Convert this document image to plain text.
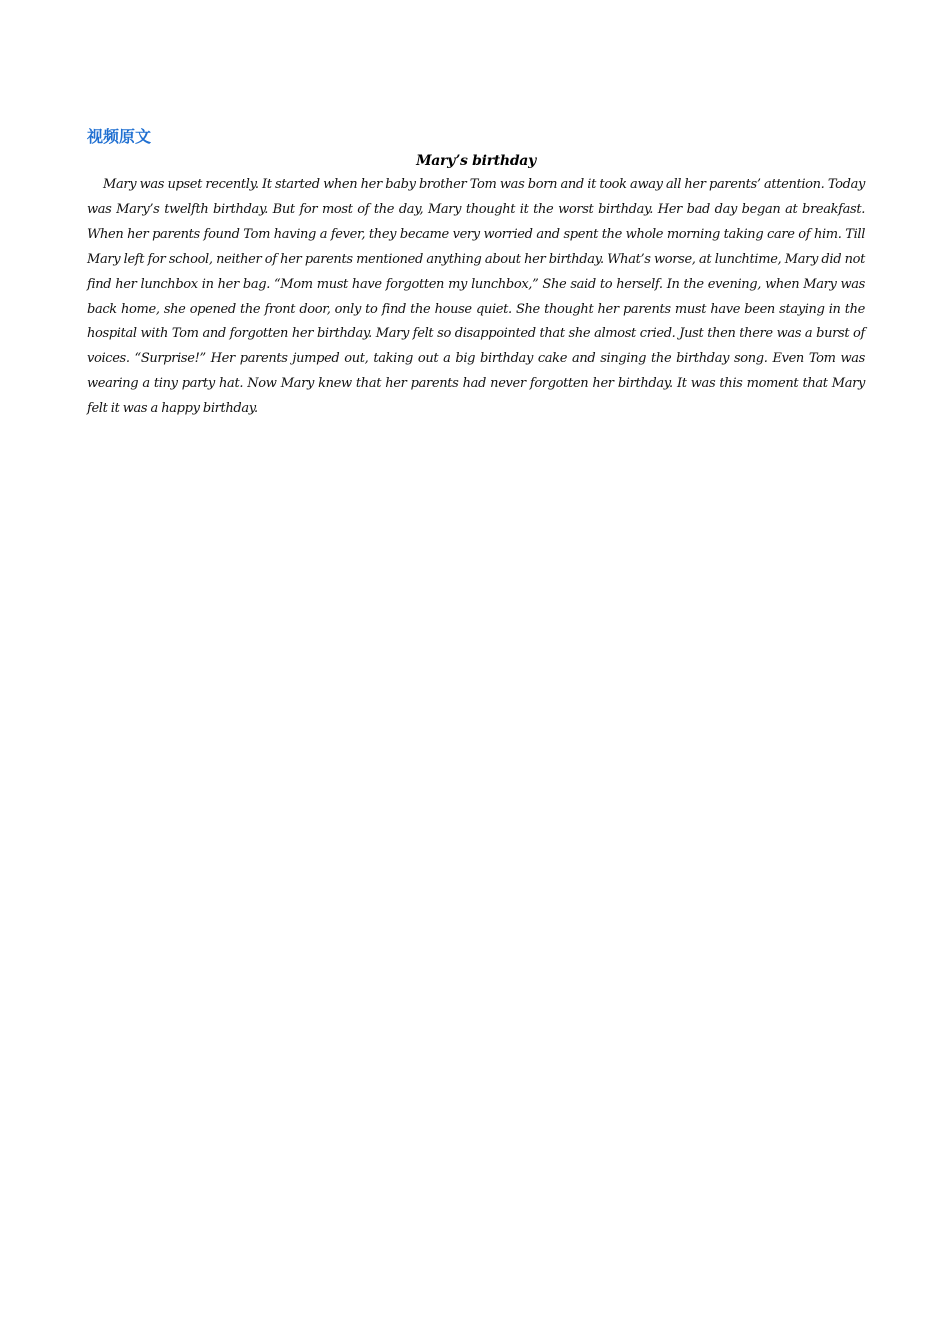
视频原文
Mary’s birthday

Mary was upset recently. It started when her baby brother Tom was born and it took away all her parents’ attention. Today was Mary’s twelfth birthday. But for most of the day, Mary thought it the worst birthday. Her bad day began at breakfast. When her parents found Tom having a fever, they became very worried and spent the whole morning taking care of him. Till Mary left for school, neither of her parents mentioned anything about her birthday. What’s worse, at lunchtime, Mary did not find her lunchbox in her bag. “Mom must have forgotten my lunchbox,” She said to herself. In the evening, when Mary was back home, she opened the front door, only to find the house quiet. She thought her parents must have been staying in the hospital with Tom and forgotten her birthday. Mary felt so disappointed that she almost cried. Just then there was a burst of voices. “Surprise!” Her parents jumped out, taking out a big birthday cake and singing the birthday song. Even Tom was wearing a tiny party hat. Now Mary knew that her parents had never forgotten her birthday. It was this moment that Mary felt it was a happy birthday.
